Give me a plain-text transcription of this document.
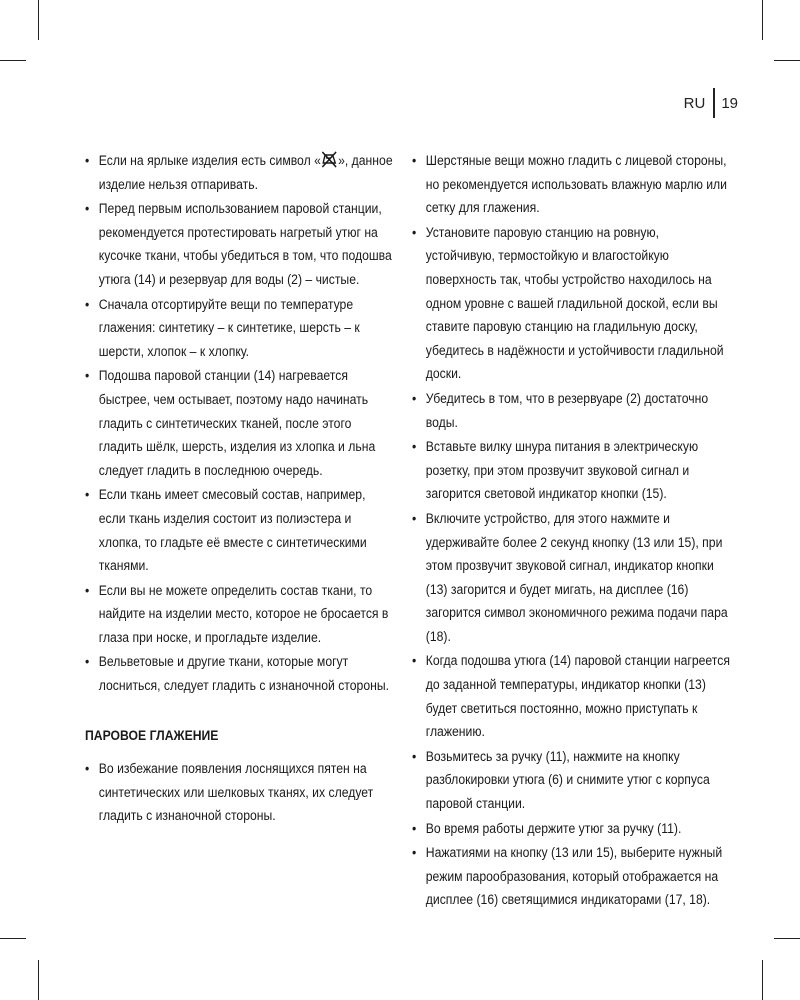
RU	19
• Если на ярлыке изделия есть символ « », данное изделие нельзя отпаривать.
• Перед первым использованием паровой станции, рекомендуется протестировать нагретый утюг на кусочке ткани, чтобы убедиться в том, что подошва утюга (14) и резервуар для воды (2) – чистые.
• Сначала отсортируйте вещи по температуре глажения: синтетику – к синтетике, шерсть – к шерсти, хлопок – к хлопку.
• Подошва паровой станции (14) нагревается быстрее, чем остывает, поэтому надо начинать гладить с синтетических тканей, после этого гладить шёлк, шерсть, изделия из хлопка и льна следует гладить в последнюю очередь.
• Если ткань имеет смесовый состав, например, если ткань изделия состоит из полиэстера и хлопка, то гладьте её вместе с синтетическими тканями.
• Если вы не можете определить состав ткани, то найдите на изделии место, которое не бросается в глаза при носке, и прогладьте изделие.
• Вельветовые и другие ткани, которые могут лосниться, следует гладить с изнаночной стороны.
ПАРОВОЕ ГЛАЖЕНИЕ
• Во избежание появления лоснящихся пятен на синтетических или шелковых тканях, их следует гладить с изнаночной стороны.
• Шерстяные вещи можно гладить с лицевой стороны, но рекомендуется использовать влажную марлю или сетку для глажения.
• Установите паровую станцию на ровную, устойчивую, термостойкую и влагостойкую поверхность так, чтобы устройство находилось на одном уровне с вашей гладильной доской, если вы ставите паровую станцию на гладильную доску, убедитесь в надёжности и устойчивости гладильной доски.
• Убедитесь в том, что в резервуаре (2) достаточно воды.
• Вставьте вилку шнура питания в электрическую розетку, при этом прозвучит звуковой сигнал и загорится световой индикатор кнопки (15).
• Включите устройство, для этого нажмите и удерживайте более 2 секунд кнопку (13 или 15), при этом прозвучит звуковой сигнал, индикатор кнопки (13) загорится и будет мигать, на дисплее (16) загорится символ экономичного режима подачи пара (18).
• Когда подошва утюга (14) паровой станции нагреется до заданной температуры, индикатор кнопки (13) будет светиться постоянно, можно приступать к глажению.
• Возьмитесь за ручку (11), нажмите на кнопку разблокировки утюга (6) и снимите утюг с корпуса паровой станции.
• Во время работы держите утюг за ручку (11).
• Нажатиями на кнопку (13 или 15), выберите нужный режим парообразования, который отображается на дисплее (16) светящимися индикаторами (17, 18).
